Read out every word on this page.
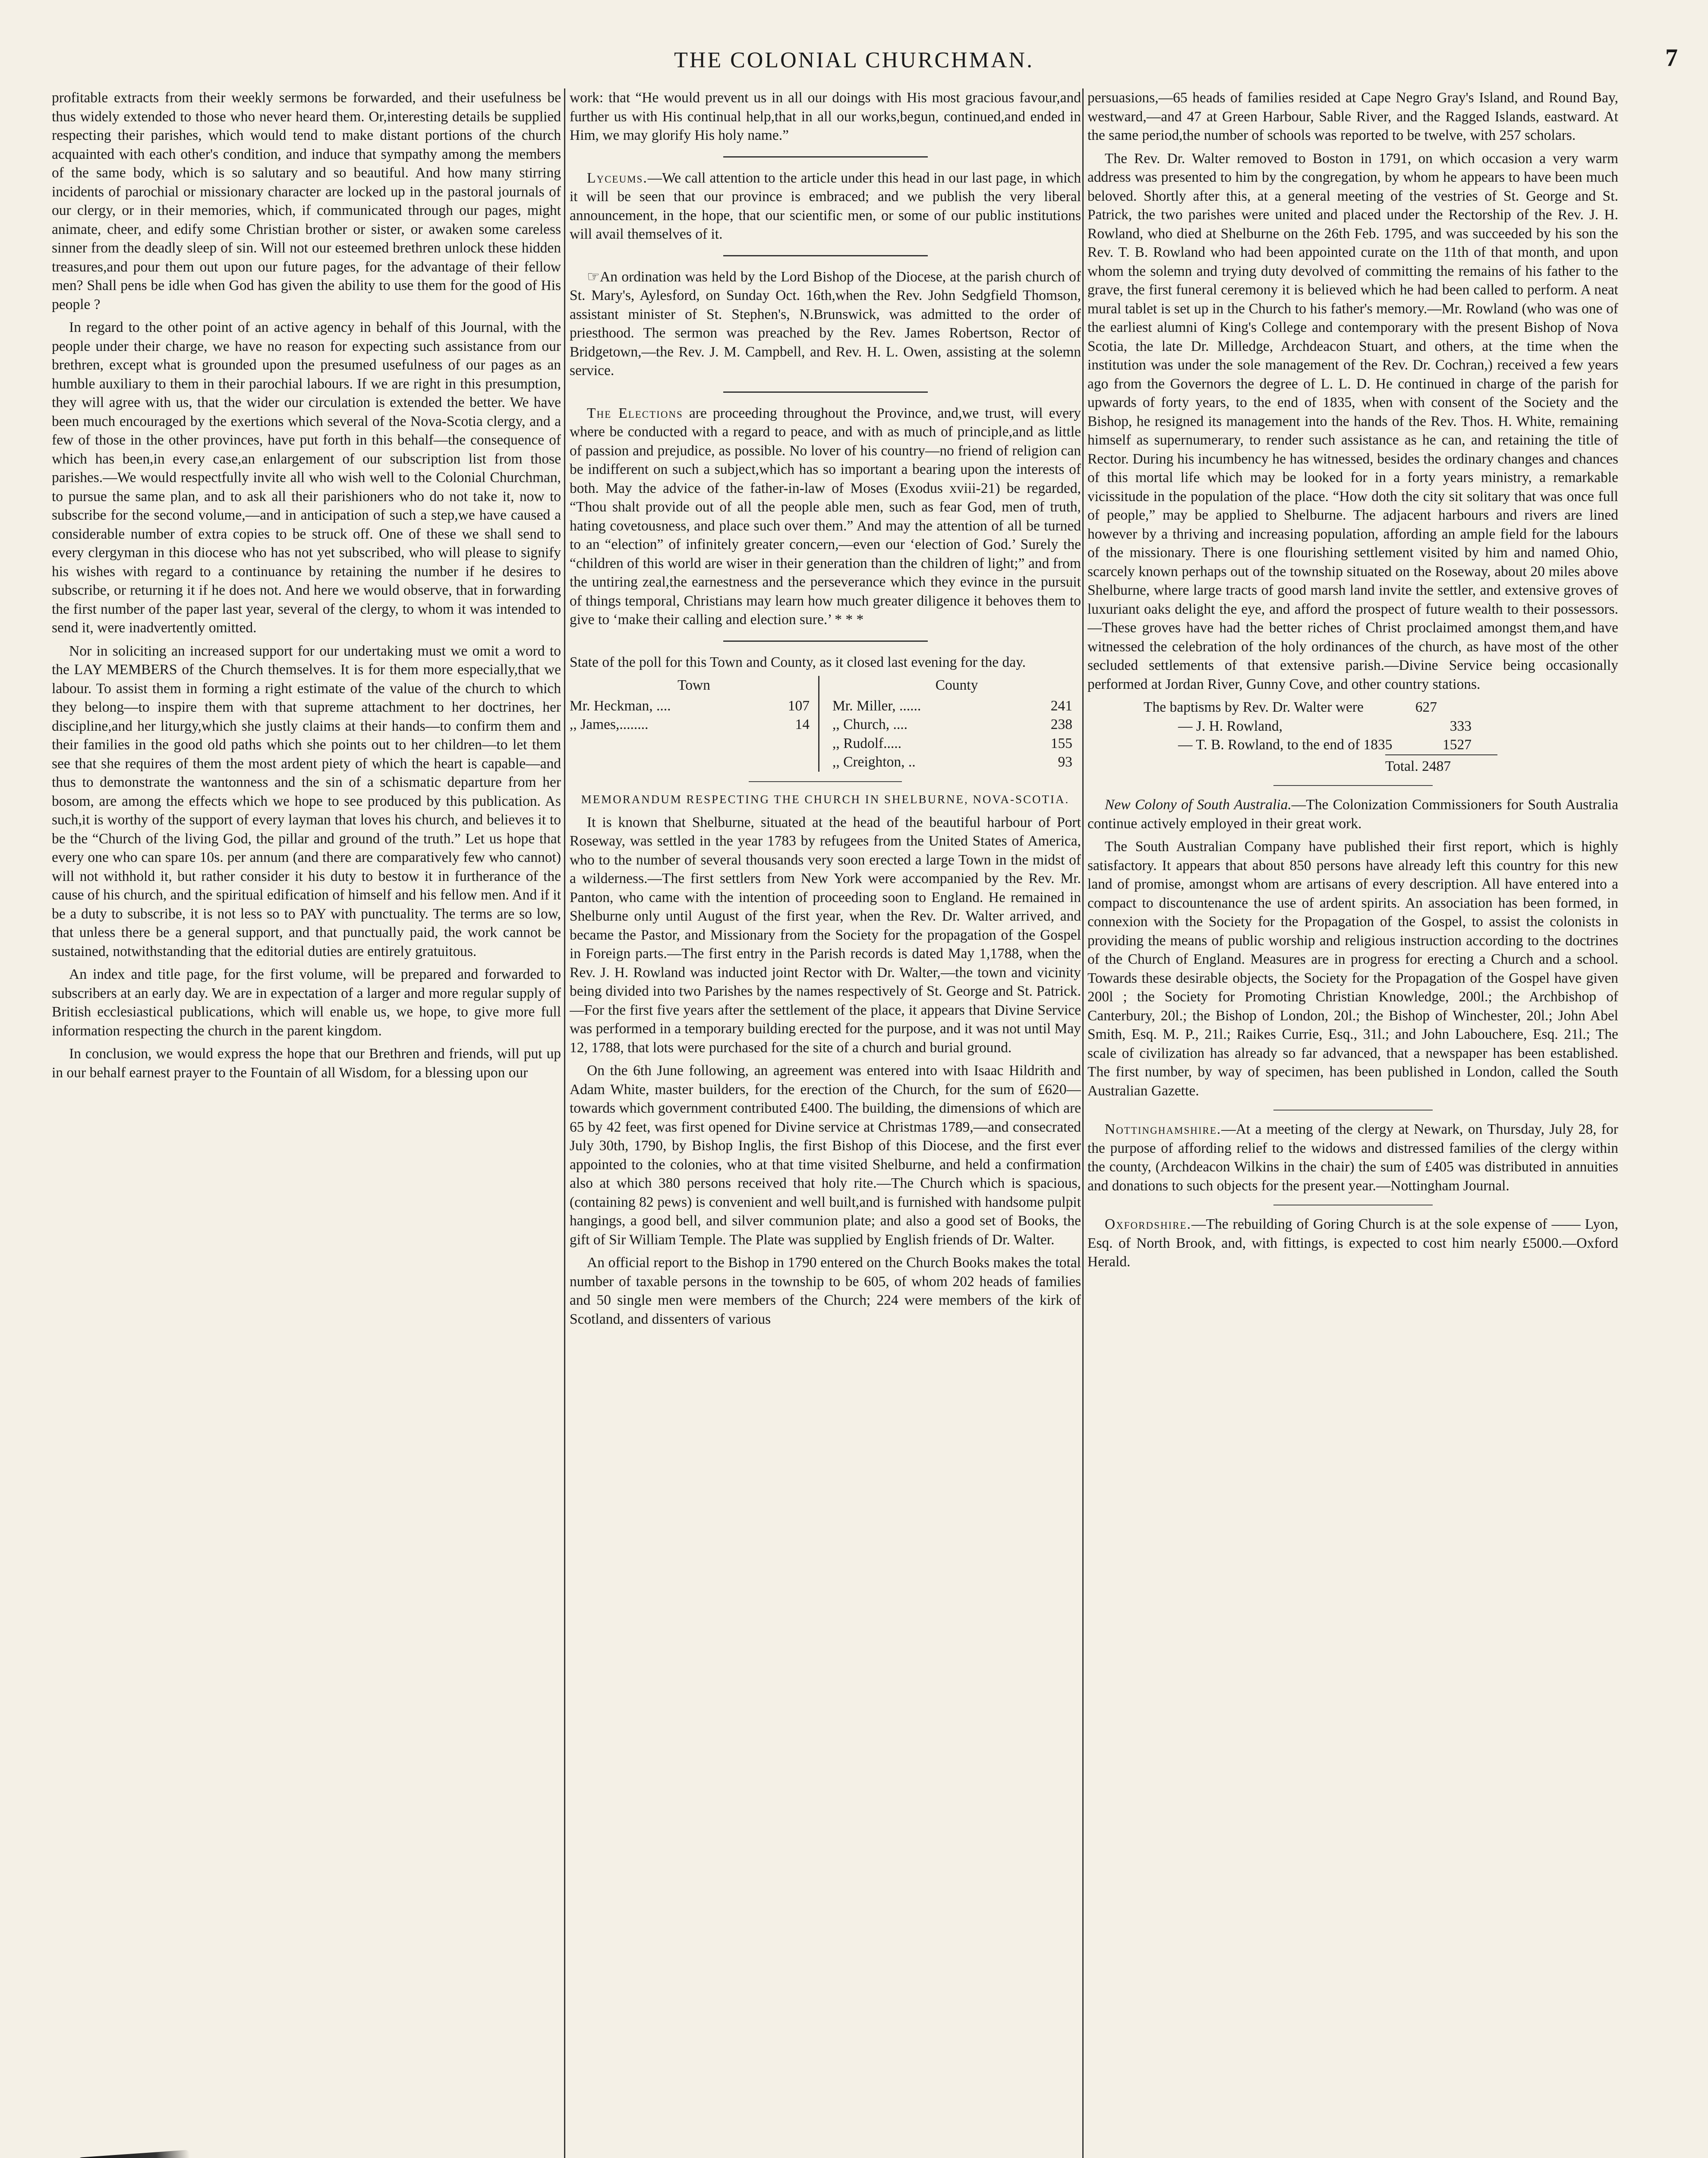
THE COLONIAL CHURCHMAN.	7

profitable extracts from their weekly sermons be forwarded, and their usefulness be thus widely extended to those who never heard them. Or,interesting details be supplied respecting their parishes, which would tend to make distant portions of the church acquainted with each other's condition, and induce that sympathy among the members of the same body, which is so salutary and so beautiful. And how many stirring incidents of parochial or missionary character are locked up in the pastoral journals of our clergy, or in their memories, which, if communicated through our pages, might animate, cheer, and edify some Christian brother or sister, or awaken some careless sinner from the deadly sleep of sin. Will not our esteemed brethren unlock these hidden treasures,and pour them out upon our future pages, for the advantage of their fellow men? Shall pens be idle when God has given the ability to use them for the good of His people ?

In regard to the other point of an active agency in behalf of this Journal, with the people under their charge, we have no reason for expecting such assistance from our brethren, except what is grounded upon the presumed usefulness of our pages as an humble auxiliary to them in their parochial labours. If we are right in this presumption, they will agree with us, that the wider our circulation is extended the better. We have been much encouraged by the exertions which several of the Nova-Scotia clergy, and a few of those in the other provinces, have put forth in this behalf—the consequence of which has been,in every case,an enlargement of our subscription list from those parishes.—We would respectfully invite all who wish well to the Colonial Churchman, to pursue the same plan, and to ask all their parishioners who do not take it, now to subscribe for the second volume,—and in anticipation of such a step,we have caused a considerable number of extra copies to be struck off. One of these we shall send to every clergyman in this diocese who has not yet subscribed, who will please to signify his wishes with regard to a continuance by retaining the number if he desires to subscribe, or returning it if he does not. And here we would observe, that in forwarding the first number of the paper last year, several of the clergy, to whom it was intended to send it, were inadvertently omitted.

Nor in soliciting an increased support for our undertaking must we omit a word to the LAY MEMBERS of the Church themselves. It is for them more especially,that we labour. To assist them in forming a right estimate of the value of the church to which they belong—to inspire them with that supreme attachment to her doctrines, her discipline,and her liturgy,which she justly claims at their hands—to confirm them and their families in the good old paths which she points out to her children—to let them see that she requires of them the most ardent piety of which the heart is capable—and thus to demonstrate the wantonness and the sin of a schismatic departure from her bosom, are among the effects which we hope to see produced by this publication. As such,it is worthy of the support of every layman that loves his church, and believes it to be the “Church of the living God, the pillar and ground of the truth.” Let us hope that every one who can spare 10s. per annum (and there are comparatively few who cannot) will not withhold it, but rather consider it his duty to bestow it in furtherance of the cause of his church, and the spiritual edification of himself and his fellow men. And if it be a duty to subscribe, it is not less so to PAY with punctuality. The terms are so low, that unless there be a general support, and that punctually paid, the work cannot be sustained, notwithstanding that the editorial duties are entirely gratuitous.

An index and title page, for the first volume, will be prepared and forwarded to subscribers at an early day. We are in expectation of a larger and more regular supply of British ecclesiastical publications, which will enable us, we hope, to give more full information respecting the church in the parent kingdom.

In conclusion, we would express the hope that our Brethren and friends, will put up in our behalf earnest prayer to the Fountain of all Wisdom, for a blessing upon our

work: that “He would prevent us in all our doings with His most gracious favour,and further us with His continual help,that in all our works,begun, continued,and ended in Him, we may glorify His holy name.”

Lyceums.—We call attention to the article under this head in our last page, in which it will be seen that our province is embraced; and we publish the very liberal announcement, in the hope, that our scientific men, or some of our public institutions will avail themselves of it.

☞An ordination was held by the Lord Bishop of the Diocese, at the parish church of St. Mary's, Aylesford, on Sunday Oct. 16th,when the Rev. John Sedgfield Thomson, assistant minister of St. Stephen's, N.Brunswick, was admitted to the order of priesthood. The sermon was preached by the Rev. James Robertson, Rector of Bridgetown,—the Rev. J. M. Campbell, and Rev. H. L. Owen, assisting at the solemn service.

The Elections are proceeding throughout the Province, and,we trust, will every where be conducted with a regard to peace, and with as much of principle,and as little of passion and prejudice, as possible. No lover of his country—no friend of religion can be indifferent on such a subject,which has so important a bearing upon the interests of both. May the advice of the father-in-law of Moses (Exodus xviii-21) be regarded, “Thou shalt provide out of all the people able men, such as fear God, men of truth, hating covetousness, and place such over them.” And may the attention of all be turned to an “election” of infinitely greater concern,—even our ‘election of God.’ Surely the “children of this world are wiser in their generation than the children of light;” and from the untiring zeal,the earnestness and the perseverance which they evince in the pursuit of things temporal, Christians may learn how much greater diligence it behoves them to give to ‘make their calling and election sure.’ * * *

State of the poll for this Town and County, as it closed last evening for the day.

Town
Mr. Heckman, ....	107
,, James,........	14
County
Mr. Miller, ......	241
,, Church, ....	238
,, Rudolf.....	155
,, Creighton, ..	93
MEMORANDUM RESPECTING THE CHURCH IN SHELBURNE, NOVA-SCOTIA.

It is known that Shelburne, situated at the head of the beautiful harbour of Port Roseway, was settled in the year 1783 by refugees from the United States of America, who to the number of several thousands very soon erected a large Town in the midst of a wilderness.—The first settlers from New York were accompanied by the Rev. Mr. Panton, who came with the intention of proceeding soon to England. He remained in Shelburne only until August of the first year, when the Rev. Dr. Walter arrived, and became the Pastor, and Missionary from the Society for the propagation of the Gospel in Foreign parts.—The first entry in the Parish records is dated May 1,1788, when the Rev. J. H. Rowland was inducted joint Rector with Dr. Walter,—the town and vicinity being divided into two Parishes by the names respectively of St. George and St. Patrick.—For the first five years after the settlement of the place, it appears that Divine Service was performed in a temporary building erected for the purpose, and it was not until May 12, 1788, that lots were purchased for the site of a church and burial ground.

On the 6th June following, an agreement was entered into with Isaac Hildrith and Adam White, master builders, for the erection of the Church, for the sum of £620—towards which government contributed £400. The building, the dimensions of which are 65 by 42 feet, was first opened for Divine service at Christmas 1789,—and consecrated July 30th, 1790, by Bishop Inglis, the first Bishop of this Diocese, and the first ever appointed to the colonies, who at that time visited Shelburne, and held a confirmation also at which 380 persons received that holy rite.—The Church which is spacious,(containing 82 pews) is convenient and well built,and is furnished with handsome pulpit hangings, a good bell, and silver communion plate; and also a good set of Books, the gift of Sir William Temple. The Plate was supplied by English friends of Dr. Walter.

An official report to the Bishop in 1790 entered on the Church Books makes the total number of taxable persons in the township to be 605, of whom 202 heads of families and 50 single men were members of the Church; 224 were members of the kirk of Scotland, and dissenters of various

persuasions,—65 heads of families resided at Cape Negro Gray's Island, and Round Bay, westward,—and 47 at Green Harbour, Sable River, and the Ragged Islands, eastward. At the same period,the number of schools was reported to be twelve, with 257 scholars.

The Rev. Dr. Walter removed to Boston in 1791, on which occasion a very warm address was presented to him by the congregation, by whom he appears to have been much beloved. Shortly after this, at a general meeting of the vestries of St. George and St. Patrick, the two parishes were united and placed under the Rectorship of the Rev. J. H. Rowland, who died at Shelburne on the 26th Feb. 1795, and was succeeded by his son the Rev. T. B. Rowland who had been appointed curate on the 11th of that month, and upon whom the solemn and trying duty devolved of committing the remains of his father to the grave, the first funeral ceremony it is believed which he had been called to perform. A neat mural tablet is set up in the Church to his father's memory.—Mr. Rowland (who was one of the earliest alumni of King's College and contemporary with the present Bishop of Nova Scotia, the late Dr. Milledge, Archdeacon Stuart, and others, at the time when the institution was under the sole management of the Rev. Dr. Cochran,) received a few years ago from the Governors the degree of L. L. D. He continued in charge of the parish for upwards of forty years, to the end of 1835, when with consent of the Society and the Bishop, he resigned its management into the hands of the Rev. Thos. H. White, remaining himself as supernumerary, to render such assistance as he can, and retaining the title of Rector. During his incumbency he has witnessed, besides the ordinary changes and chances of this mortal life which may be looked for in a forty years ministry, a remarkable vicissitude in the population of the place. “How doth the city sit solitary that was once full of people,” may be applied to Shelburne. The adjacent harbours and rivers are lined however by a thriving and increasing population, affording an ample field for the labours of the missionary. There is one flourishing settlement visited by him and named Ohio, scarcely known perhaps out of the township situated on the Roseway, about 20 miles above Shelburne, where large tracts of good marsh land invite the settler, and extensive groves of luxuriant oaks delight the eye, and afford the prospect of future wealth to their possessors.—These groves have had the better riches of Christ proclaimed amongst them,and have witnessed the celebration of the holy ordinances of the church, as have most of the other secluded settlements of that extensive parish.—Divine Service being occasionally performed at Jordan River, Gunny Cove, and other country stations.

The baptisms by Rev. Dr. Walter were	627
— J. H. Rowland,	333
— T. B. Rowland, to the end of 1835	1527
Total. 2487

New Colony of South Australia.—The Colonization Commissioners for South Australia continue actively employed in their great work.

The South Australian Company have published their first report, which is highly satisfactory. It appears that about 850 persons have already left this country for this new land of promise, amongst whom are artisans of every description. All have entered into a compact to discountenance the use of ardent spirits. An association has been formed, in connexion with the Society for the Propagation of the Gospel, to assist the colonists in providing the means of public worship and religious instruction according to the doctrines of the Church of England. Measures are in progress for erecting a Church and a school. Towards these desirable objects, the Society for the Propagation of the Gospel have given 200l ; the Society for Promoting Christian Knowledge, 200l.; the Archbishop of Canterbury, 20l.; the Bishop of London, 20l.; the Bishop of Winchester, 20l.; John Abel Smith, Esq. M. P., 21l.; Raikes Currie, Esq., 31l.; and John Labouchere, Esq. 21l.; The scale of civilization has already so far advanced, that a newspaper has been established. The first number, by way of specimen, has been published in London, called the South Australian Gazette.

Nottinghamshire.—At a meeting of the clergy at Newark, on Thursday, July 28, for the purpose of affording relief to the widows and distressed families of the clergy within the county, (Archdeacon Wilkins in the chair) the sum of £405 was distributed in annuities and donations to such objects for the present year.—Nottingham Journal.

Oxfordshire.—The rebuilding of Goring Church is at the sole expense of —— Lyon, Esq. of North Brook, and, with fittings, is expected to cost him nearly £5000.—Oxford Herald.
